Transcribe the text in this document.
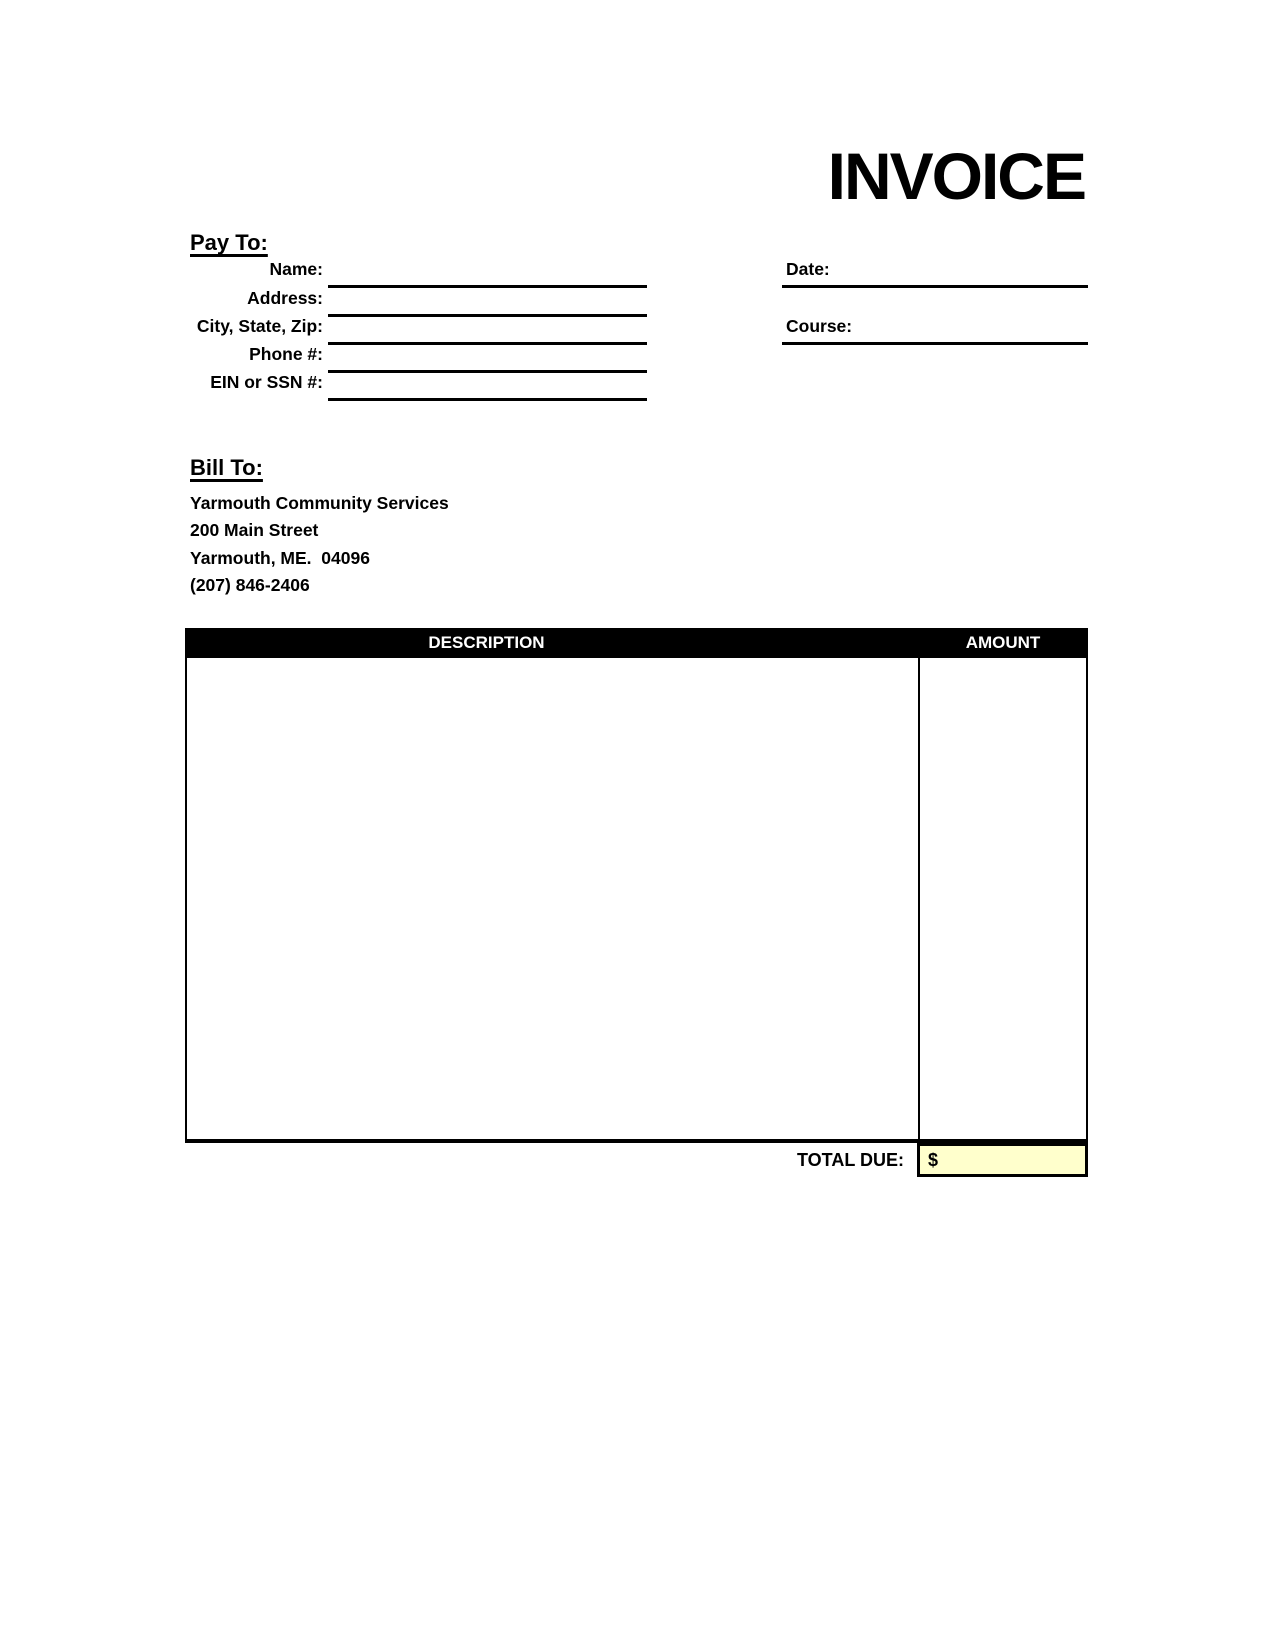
INVOICE
Pay To:
Name:
Address:
City, State, Zip:
Phone #:
EIN or SSN #:
Date:
Course:
Bill To:
Yarmouth Community Services
200 Main Street
Yarmouth, ME.  04096
(207) 846-2406
DESCRIPTION	AMOUNT
TOTAL DUE:	$
